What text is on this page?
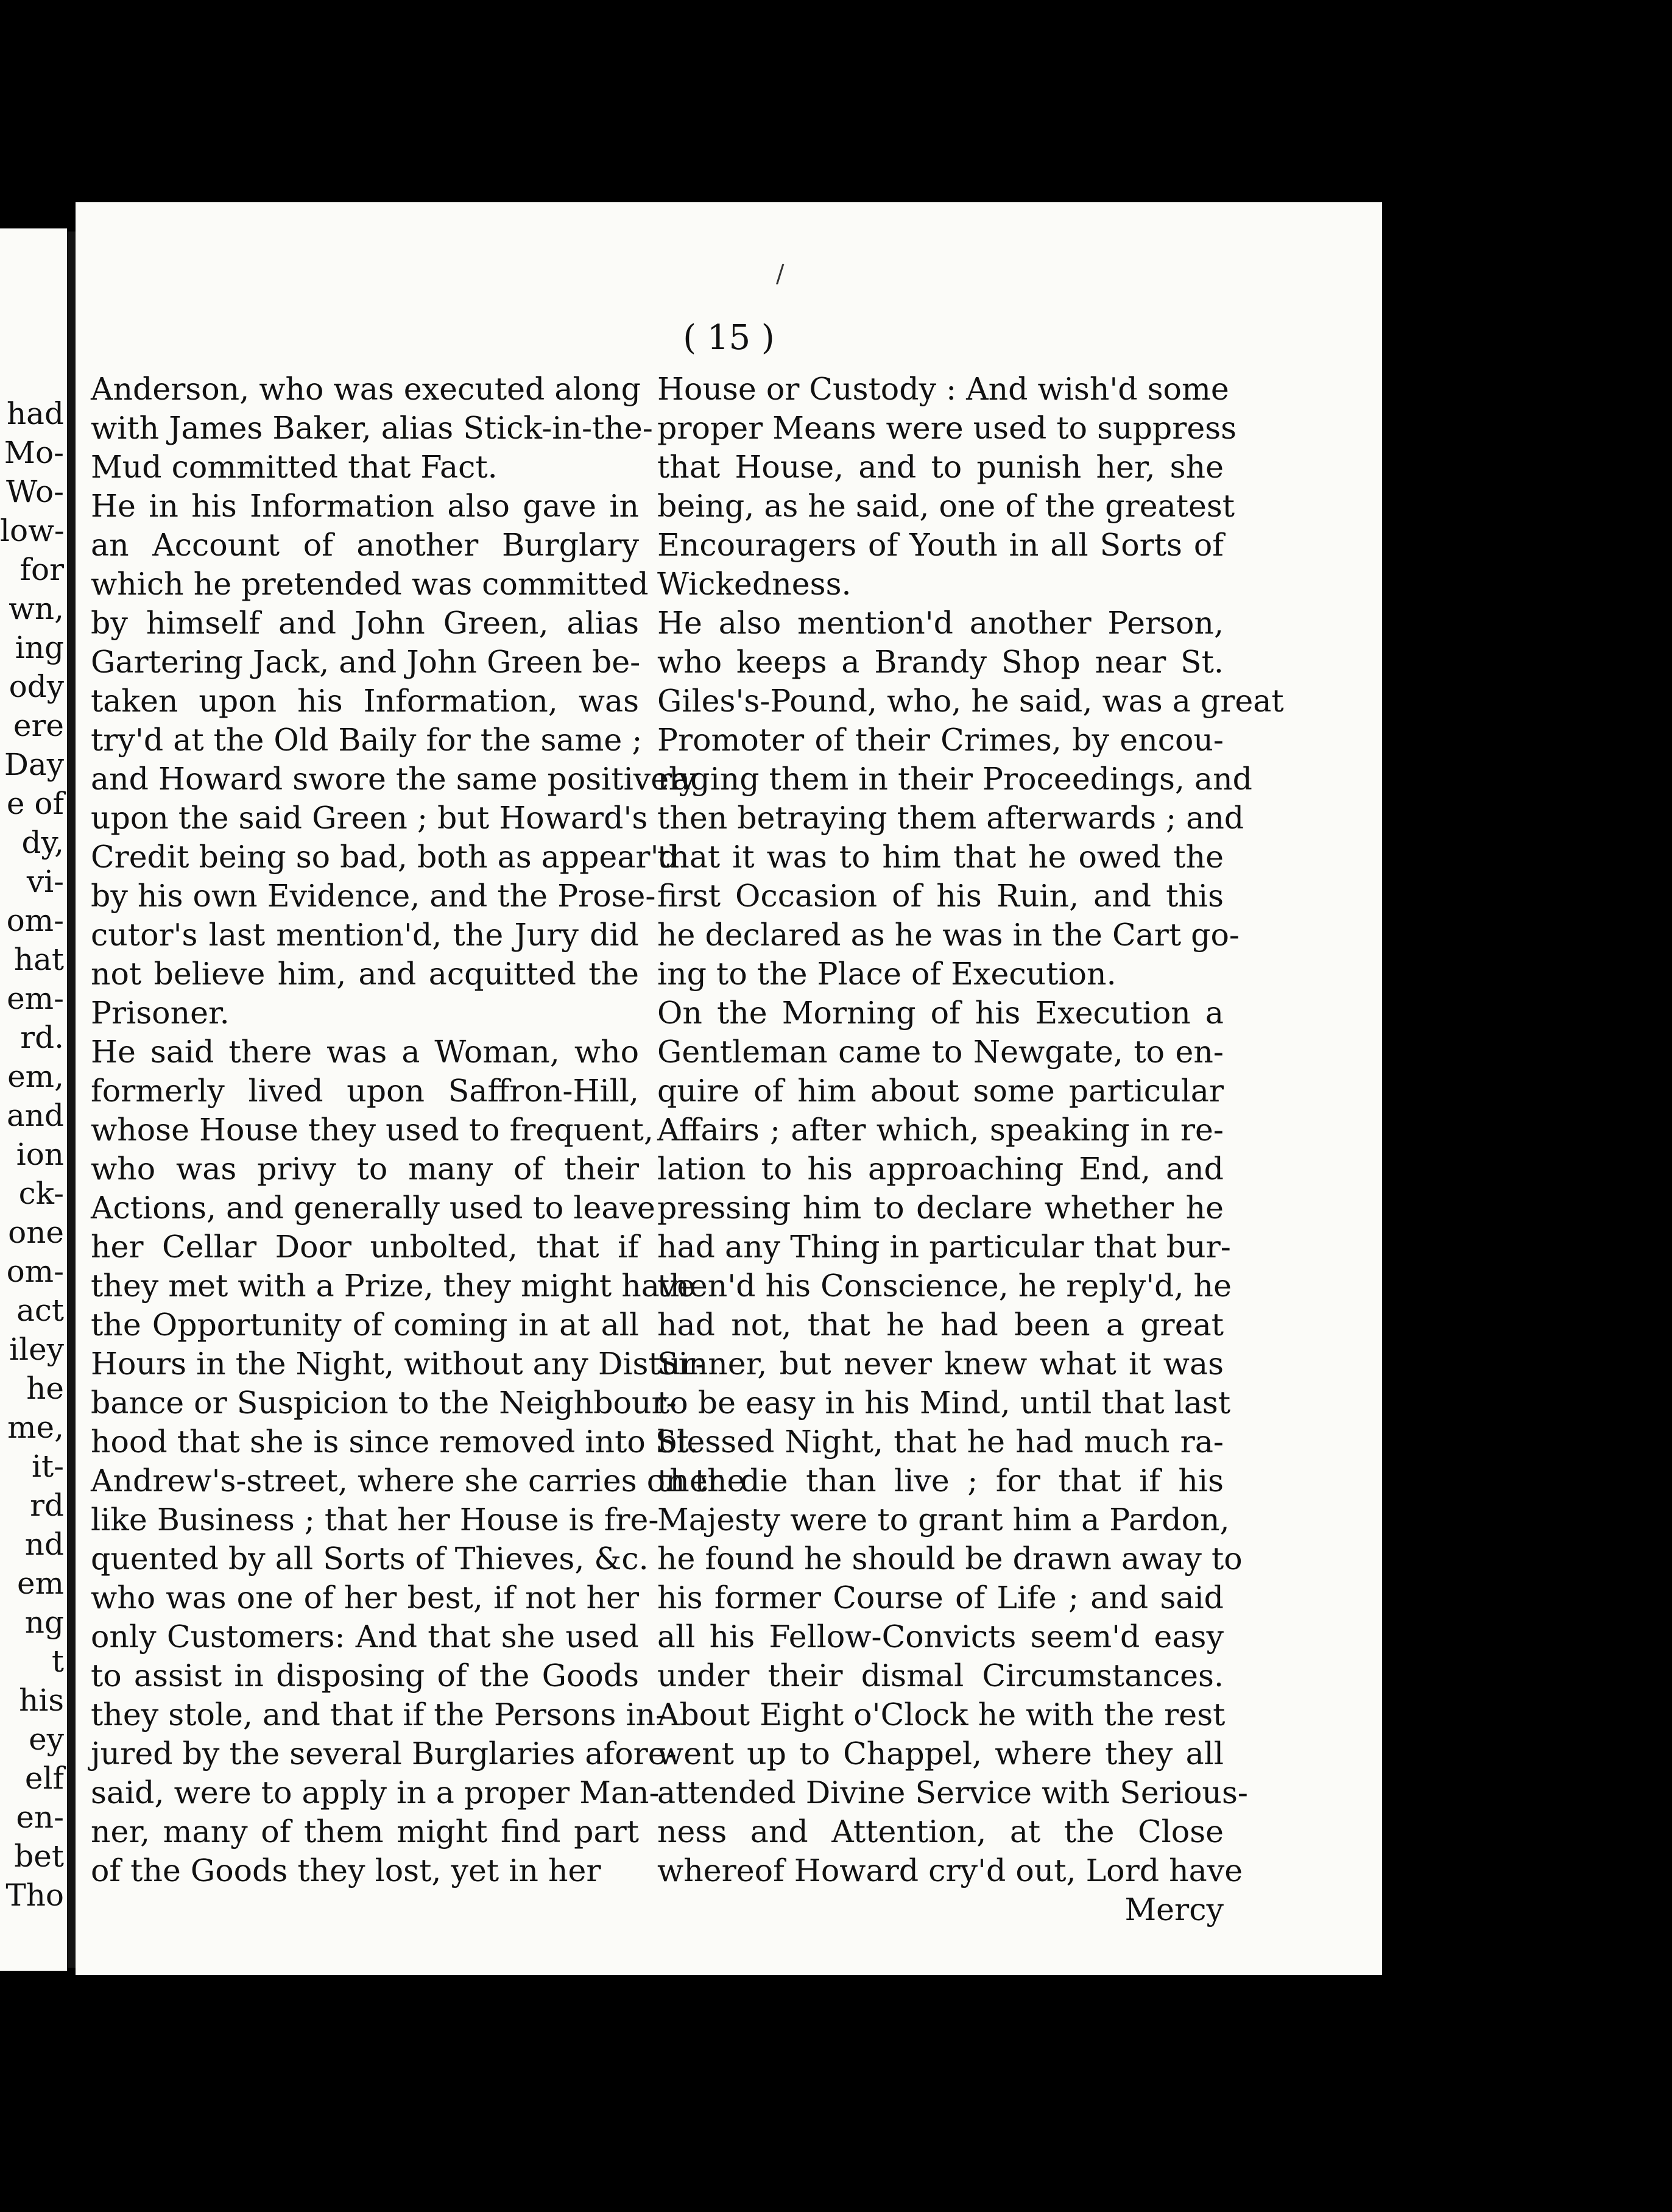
had
Mo-
Wo-
low-
for
wn,
ing
ody
ere
Day
e of
dy,
vi-
om-
hat
em-
rd.
em,
and
ion
ck-
one
om-
act
iley
he
me,
it-
rd
nd
em
ng
t
his
ey
elf
en-
bet
Tho
( 15 )
Anderson, who was executed along
with James Baker, alias Stick-in-the-
Mud committed that Fact.
He in his Information also gave in
an Account of another Burglary
which he pretended was committed
by himself and John Green, alias
Gartering Jack, and John Green be-
taken upon his Information, was
try'd at the Old Baily for the same ;
and Howard swore the same positively
upon the said Green ; but Howard's
Credit being so bad, both as appear'd
by his own Evidence, and the Prose-
cutor's last mention'd, the Jury did
not believe him, and acquitted the
Prisoner.
He said there was a Woman, who
formerly lived upon Saffron-Hill,
whose House they used to frequent,
who was privy to many of their
Actions, and generally used to leave
her Cellar Door unbolted, that if
they met with a Prize, they might have
the Opportunity of coming in at all
Hours in the Night, without any Distur-
bance or Suspicion to the Neighbour-
hood that she is since removed into St.
Andrew's-street, where she carries on the
like Business ; that her House is fre-
quented by all Sorts of Thieves, &c.
who was one of her best, if not her
only Customers: And that she used
to assist in disposing of the Goods
they stole, and that if the Persons in-
jured by the several Burglaries afore-
said, were to apply in a proper Man-
ner, many of them might find part
of the Goods they lost, yet in her
House or Custody : And wish'd some
proper Means were used to suppress
that House, and to punish her, she
being, as he said, one of the greatest
Encouragers of Youth in all Sorts of
Wickedness.
He also mention'd another Person,
who keeps a Brandy Shop near St.
Giles's-Pound, who, he said, was a great
Promoter of their Crimes, by encou-
raging them in their Proceedings, and
then betraying them afterwards ; and
that it was to him that he owed the
first Occasion of his Ruin, and this
he declared as he was in the Cart go-
ing to the Place of Execution.
On the Morning of his Execution a
Gentleman came to Newgate, to en-
quire of him about some particular
Affairs ; after which, speaking in re-
lation to his approaching End, and
pressing him to declare whether he
had any Thing in particular that bur-
then'd his Conscience, he reply'd, he
had not, that he had been a great
Sinner, but never knew what it was
to be easy in his Mind, until that last
blessed Night, that he had much ra-
ther die than live ; for that if his
Majesty were to grant him a Pardon,
he found he should be drawn away to
his former Course of Life ; and said
all his Fellow-Convicts seem'd easy
under their dismal Circumstances.
About Eight o'Clock he with the rest
went up to Chappel, where they all
attended Divine Service with Serious-
ness and Attention, at the Close
whereof Howard cry'd out, Lord have
Mercy
/
